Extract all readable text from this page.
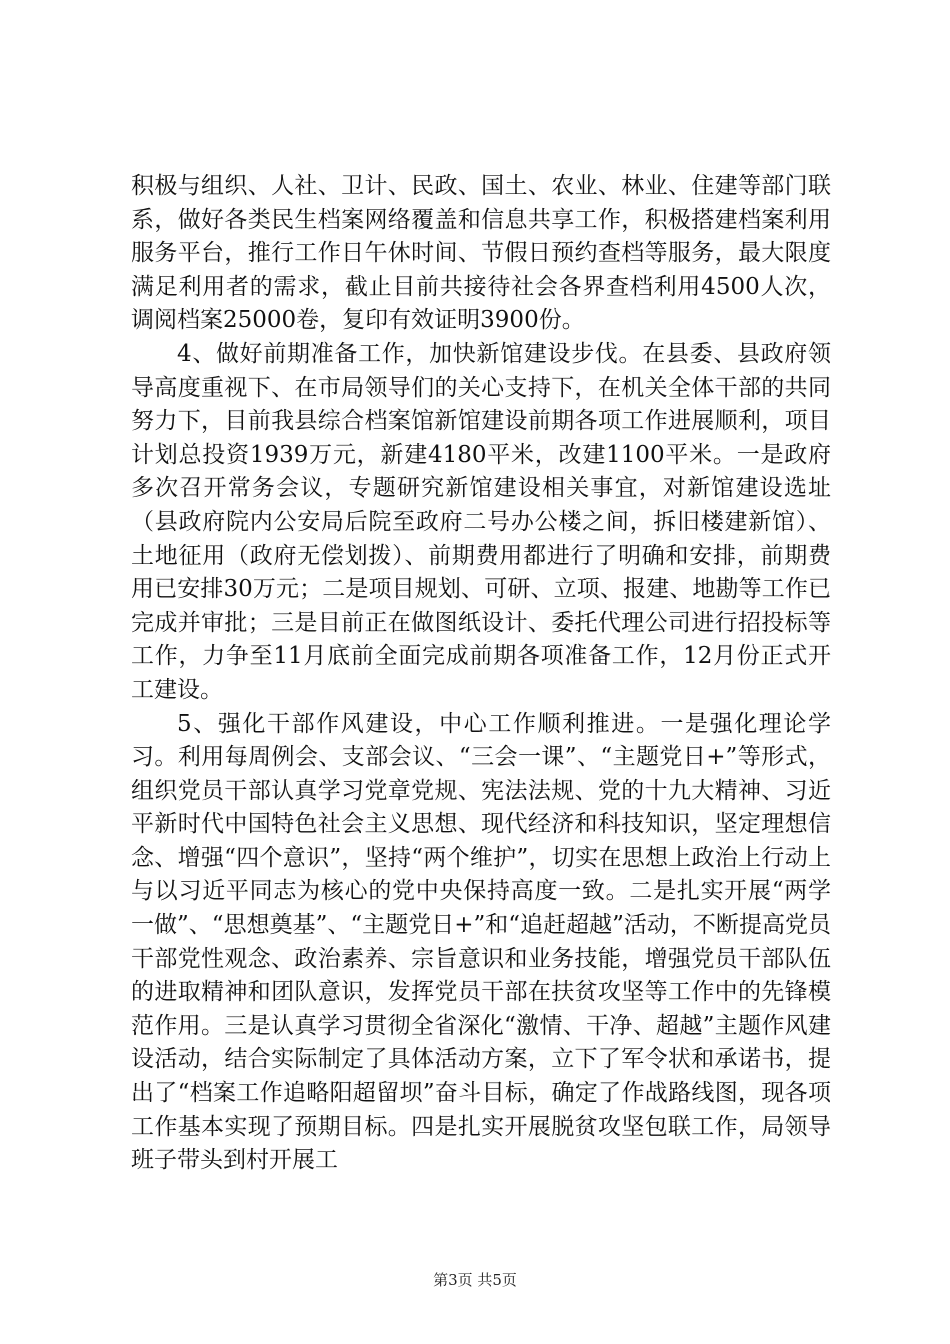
积极与组织、人社、卫计、民政、国土、农业、林业、住建等部门联系，做好各类民生档案网络覆盖和信息共享工作，积极搭建档案利用服务平台，推行工作日午休时间、节假日预约查档等服务，最大限度满足利用者的需求，截止目前共接待社会各界查档利用4500人次，调阅档案25000卷，复印有效证明3900份。

4、做好前期准备工作，加快新馆建设步伐。在县委、县政府领导高度重视下、在市局领导们的关心支持下，在机关全体干部的共同努力下，目前我县综合档案馆新馆建设前期各项工作进展顺利，项目计划总投资1939万元，新建4180平米，改建1100平米。一是政府多次召开常务会议，专题研究新馆建设相关事宜，对新馆建设选址（县政府院内公安局后院至政府二号办公楼之间，拆旧楼建新馆）、土地征用（政府无偿划拨）、前期费用都进行了明确和安排，前期费用已安排30万元；二是项目规划、可研、立项、报建、地勘等工作已完成并审批；三是目前正在做图纸设计、委托代理公司进行招投标等工作，力争至11月底前全面完成前期各项准备工作，12月份正式开工建设。

5、强化干部作风建设，中心工作顺利推进。一是强化理论学习。利用每周例会、支部会议、“三会一课”、“主题党日+”等形式，组织党员干部认真学习党章党规、宪法法规、党的十九大精神、习近平新时代中国特色社会主义思想、现代经济和科技知识，坚定理想信念、增强“四个意识”，坚持“两个维护”，切实在思想上政治上行动上与以习近平同志为核心的党中央保持高度一致。二是扎实开展“两学一做”、“思想奠基”、“主题党日+”和“追赶超越”活动，不断提高党员干部党性观念、政治素养、宗旨意识和业务技能，增强党员干部队伍的进取精神和团队意识，发挥党员干部在扶贫攻坚等工作中的先锋模范作用。三是认真学习贯彻全省深化“激情、干净、超越”主题作风建设活动，结合实际制定了具体活动方案，立下了军令状和承诺书，提出了“档案工作追略阳超留坝”奋斗目标，确定了作战路线图，现各项工作基本实现了预期目标。四是扎实开展脱贫攻坚包联工作，局领导班子带头到村开展工

第3页 共5页
